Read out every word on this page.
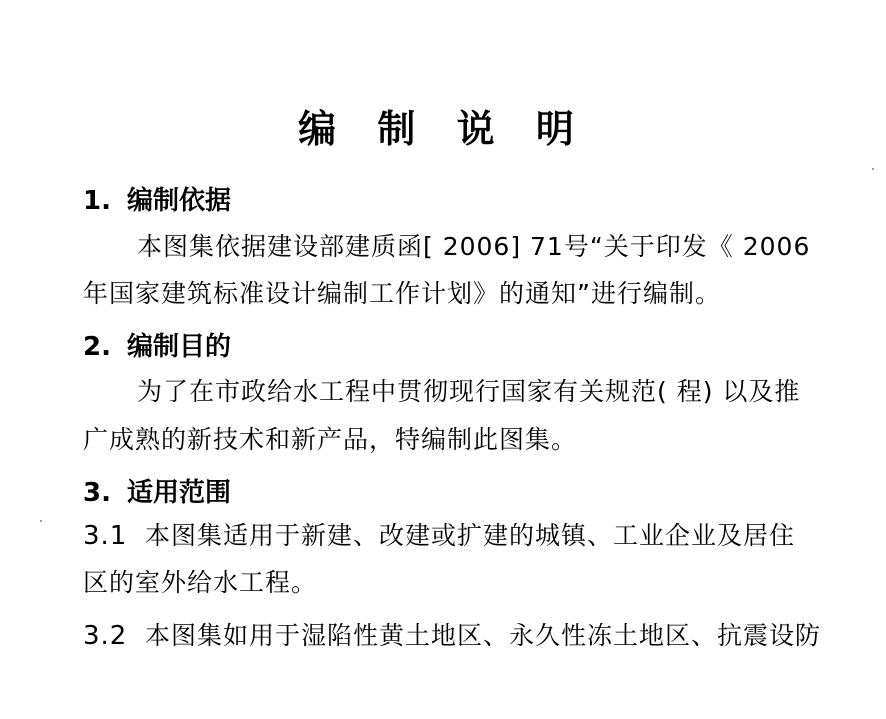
编 制 说 明
1. 编制依据
本图集依据建设部建质函[ 2006] 71号“关于印发《 2006
年国家建筑标准设计编制工作计划》的通知”进行编制。
2. 编制目的
为了在市政给水工程中贯彻现行国家有关规范( 程) 以及推
广成熟的新技术和新产品，特编制此图集。
3. 适用范围
3.1 本图集适用于新建、改建或扩建的城镇、工业企业及居住
区的室外给水工程。
3.2 本图集如用于湿陷性黄土地区、永久性冻土地区、抗震设防
